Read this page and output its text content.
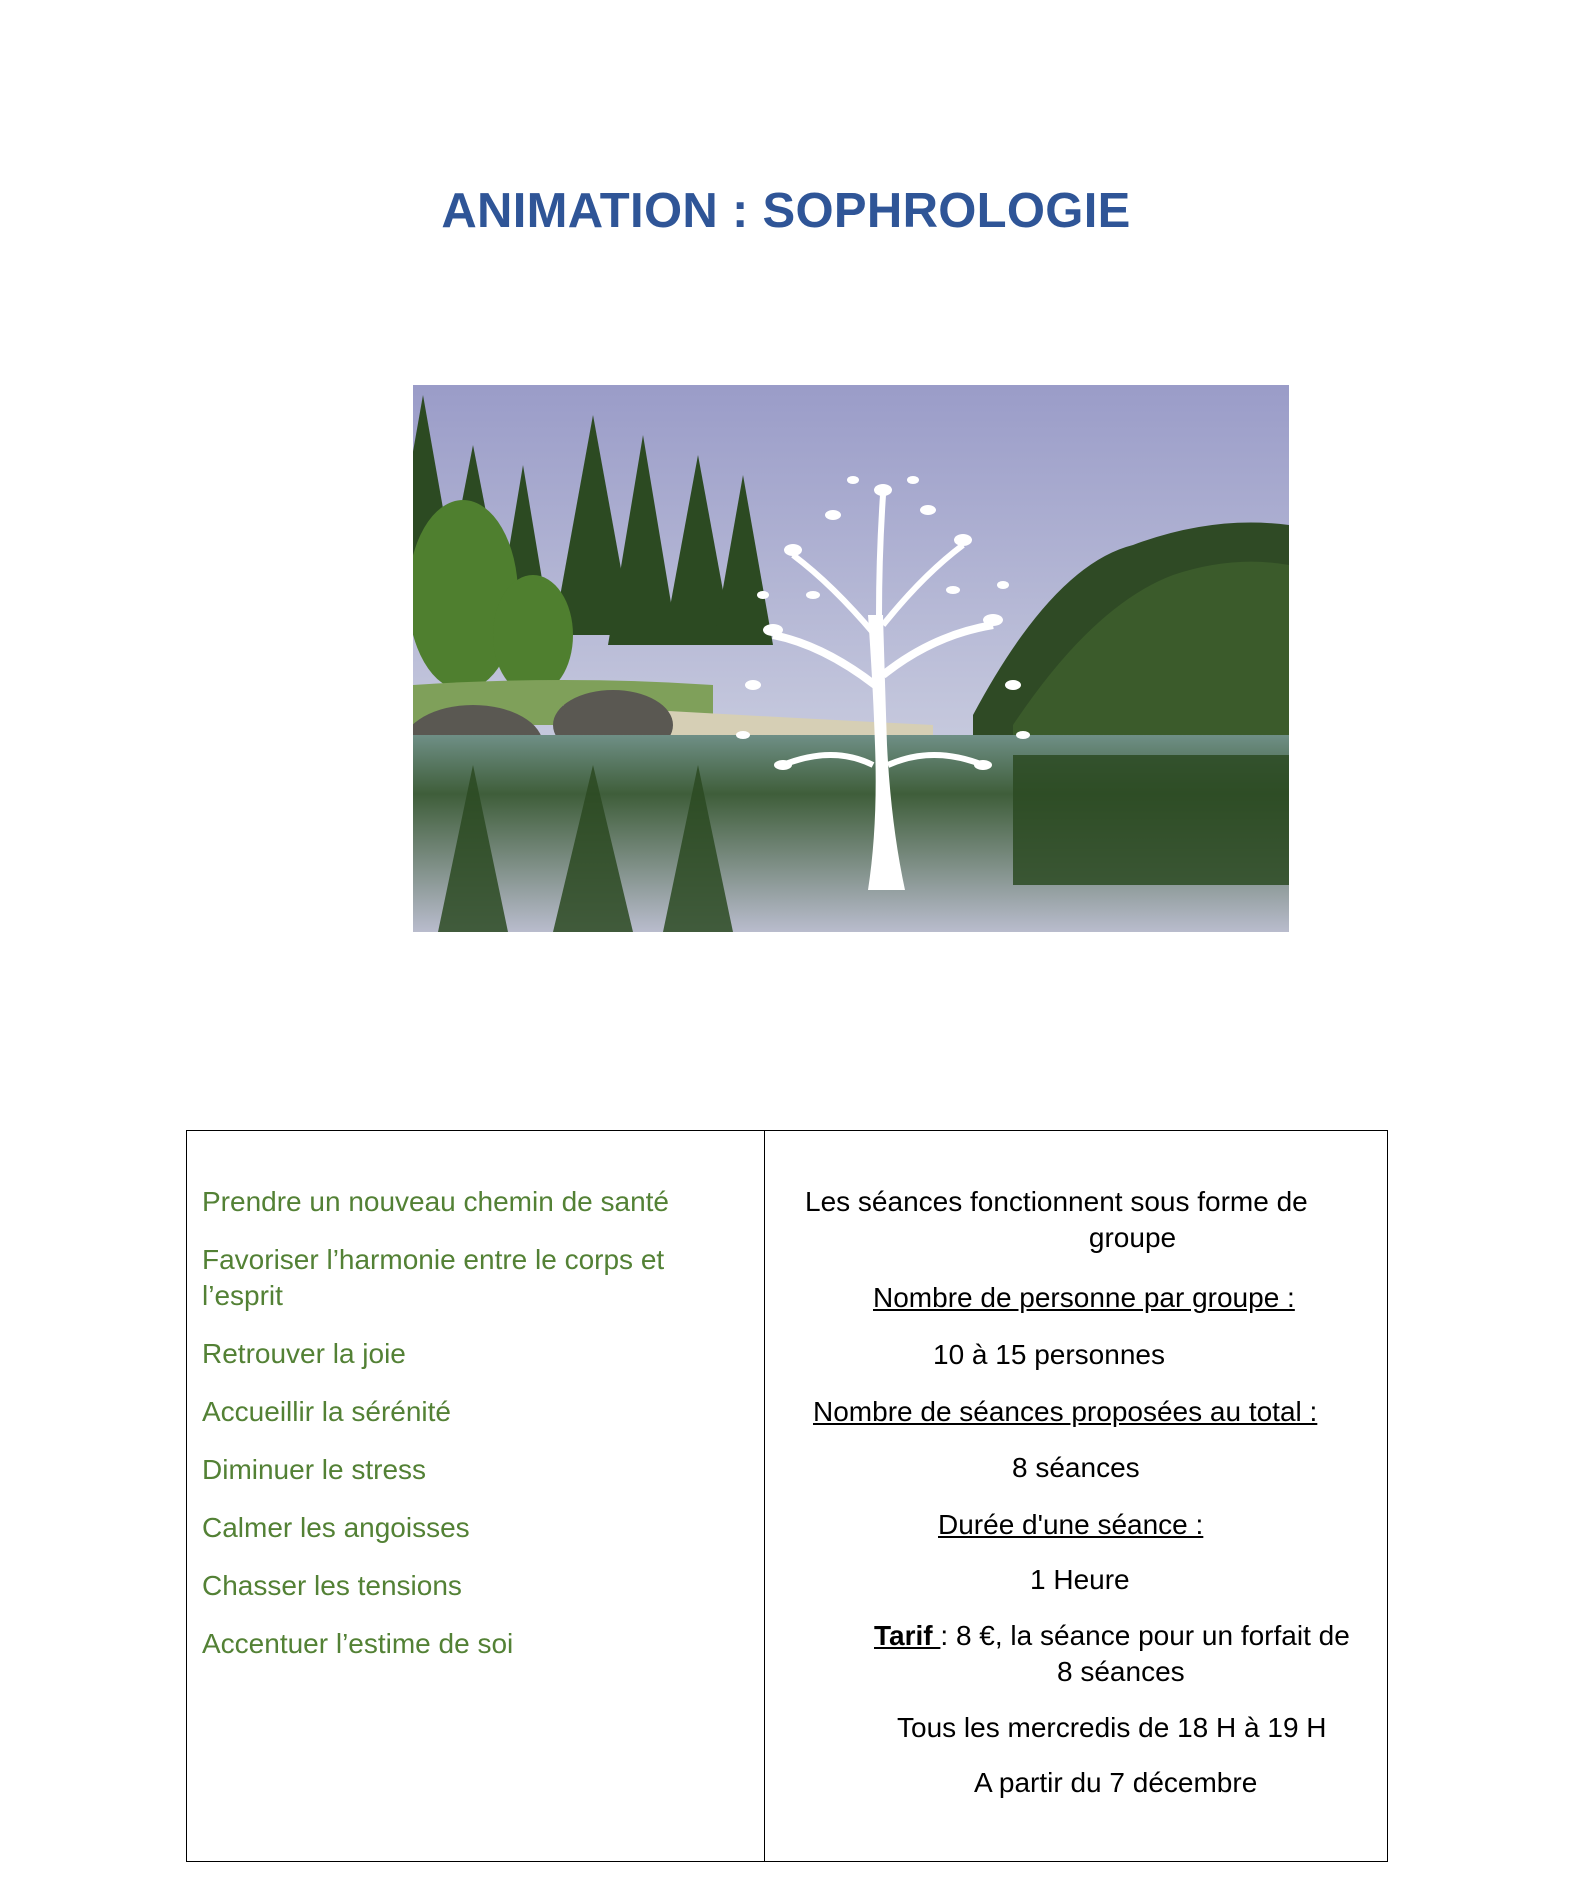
ANIMATION : SOPHROLOGIE
Prendre un nouveau chemin de santé
Favoriser l’harmonie entre le corps et l’esprit
Retrouver la joie
Accueillir la sérénité
Diminuer le stress
Calmer les angoisses
Chasser les tensions
Accentuer l’estime de soi
Les séances fonctionnent sous forme de
groupe
Nombre de personne par groupe :
10 à 15 personnes
Nombre de séances proposées au total :
8 séances
Durée d'une séance :
1 Heure
Tarif : 8 €, la séance pour un forfait de
8 séances
Tous les mercredis de 18 H à 19 H
A partir du 7 décembre
